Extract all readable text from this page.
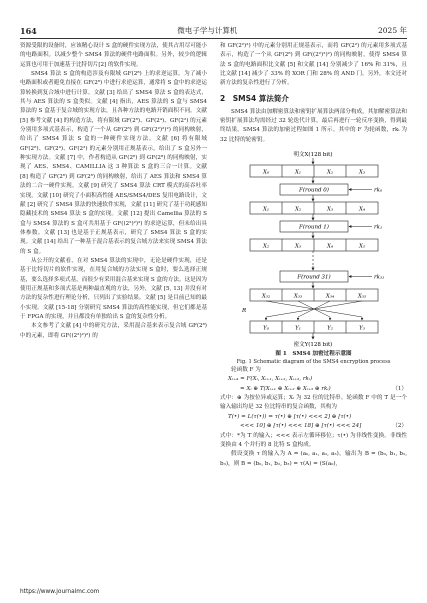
164	微电子学与计算机	2025 年

资源受限的设备时，应该精心设计 S 盒的硬件实现方法，使其占用尽可能小的电路面积。以减少整个 SMS4 算法的硬件电路面积。另外，较少的逻辑运算也可用于加速基于比特切片[2] 的软件实现。

SMS4 算法 S 盒的构造涉及有限域 GF(2⁸) 上的求逆运算。为了减小电路面积或者避免直接在 GF(2⁸) 中进行求逆运算，通常将 S 盒中的求逆运算转换到复合域中进行计算。文献 [3] 给出了 SMS4 算法 S 盒的表达式，其与 AES 算法的 S 盒类似。文献 [4] 指出，AES 算法的 S 盒与 SMS4 算法的 S 盒基于复合域的实现方法，且各种方法的电路开销面积不同。文献 [5] 参考文献 [4] 的构造方法，将有限域 GF(2⁸)、GF(2⁴)、GF(2²) 的元素分别用多项式基表示，构造了一个从 GF(2⁸) 到 GF((2²)²)²) 的同构映射，给出了 SMS4 算法 S 盒的一种硬件实现方法。文献 [6] 将有限域 GF(2⁸)、GF(2⁴)、GF(2²) 的元素分别用正规基表示，给出了 S 盒另外一种实现方法。文献 [7] 中，作者构造从 GF(2⁸) 到 GF(2⁸) 的同构映射，实现了 AES、SMS4、CAMILLIA 这 3 种算法 S 盒的三合一计算。文献 [8] 构造了 GF(2⁸) 到 GF(2⁸) 的同构映射，给出了 AES 算法和 SMS4 算法的二合一硬件实现。文献 [9] 研究了 SMS4 算法 CRT 模式的高吞吐率实现。文献 [10] 研究了小面积高性能 AES/SMS4/DES 复用电路设计，文献 [2] 研究了 SMS4 算法的快速软件实现，文献 [11] 研究了基于功耗感知隐藏技术的 SMS4 算法 S 盒的实现。文献 [12] 提出 Camellia 算法的 S 盒与 SMS4 算法的 S 盒可共用基于 GF((2²)²)²) 的求逆运算，但未给出具体参数。文献 [13] 也是基于正规基表示，研究了 SMS4 算法 S 盒的实现。文献 [14] 给出了一种基于混合基表示的复合域方法来实现 SMS4 算法的 S 盒。

从公开的文献看，在对 SMS4 算法的实现中，无论是硬件实现，还是基于比特切片的软件实现，在用复合域的方法实现 S 盒时，要么选择正规基，要么选择多项式基，而很少有采用混合基来实现 S 盒的方法。这是因为使用正规基和多项式基是两种最直观的方法，另外，文献 [5, 13] 并没有对方法的复杂性进行理论分析，只列出了实验结果。文献 [5] 是目前已知的最小实现。文献 [15-18] 分别研究 SMS4 算法的高性能实现，但它们都是基于 FPGA 的实现，并且都没有单独给出 S 盒的复杂性分析。

本文参考了文献 [4] 中的研究方法，采用混合基来表示复合域 GF(2⁸) 中的元素，即将 GF((2²)²)²) 的

和 GF(2²)²) 中的元素分别用正规基表示，而将 GF(2²) 的元素用多项式基表示，构造了一个从 GF(2⁸) 到 GF((2²)²)²) 的同构映射，使得 SMS4 算法 S 盒的电路面积比文献 [5] 和文献 [14] 分别减少了 16% 和 31%，且比文献 [14] 减少了 33% 的 XOR 门和 28% 的 AND 门。另外，本文还对新方法的复杂性进行了分析。

2　SMS4 算法简介

SMS4 算法由加解密算法和密钥扩展算法两部分构成，其加解密算法和密钥扩展算法均需经过 32 轮迭代计算，最后再进行一轮反序变换，得到最终结果。SMS4 算法的加密过程如图 1 所示。其中的 F 为轮函数，rkᵢ 为 32 比特的轮密钥。

明文X(128 bit)
X₀	X₁	X₂	X₃
F(round 0)	rk₀
X₁	X₂	X₃	X₄
F(round 1)	rk₁
X₂	X₃	X₄	X₅
F(round 31)	rk₃₁
X₃₂	X₃₃	X₃₄	X₃₅
R
Y₀	Y₁	Y₂	Y₃
密文Y(128 bit)
图 1　SMS4 加密过程示意图
Fig. 1 Schematic diagram of the SMS4 encryption process

轮函数 F 为

Xᵢ₊₄ = F(Xᵢ, Xᵢ₊₁, Xᵢ₊₂, Xᵢ₊₃, rkᵢ)
= Xᵢ ⊕ T(Xᵢ₊₁ ⊕ Xᵢ₊₂ ⊕ Xᵢ₊₃ ⊕ rkᵢ)	（1）

式中：⊕ 为按位异或运算；Xᵢ 为 32 位的比特串。轮函数 F 中的 T 是一个输入输出均是 32 位比特串的复合函数，其构为

T(•) = L(τ(•)) = τ(•) ⊕ [τ(•) <<< 2] ⊕ [τ(•)
<<< 10] ⊕ [τ(•) <<< 18] ⊕ [τ(•) <<< 24]	（2）

式中：*为 T 的输入；<<< 表示左循环移位；τ(•) 为非线性变换。非线性变换由 4 个并行的 8 比特 S 盒构成。

假设变换 τ 的输入为 A = (a₀, a₁, a₂, a₃)，输出为 B = (b₀, b₁, b₂, b₃)，则 B = (b₀, b₁, b₂, b₃) = τ(A) = (S(a₀),

https://www.journalmc.com
